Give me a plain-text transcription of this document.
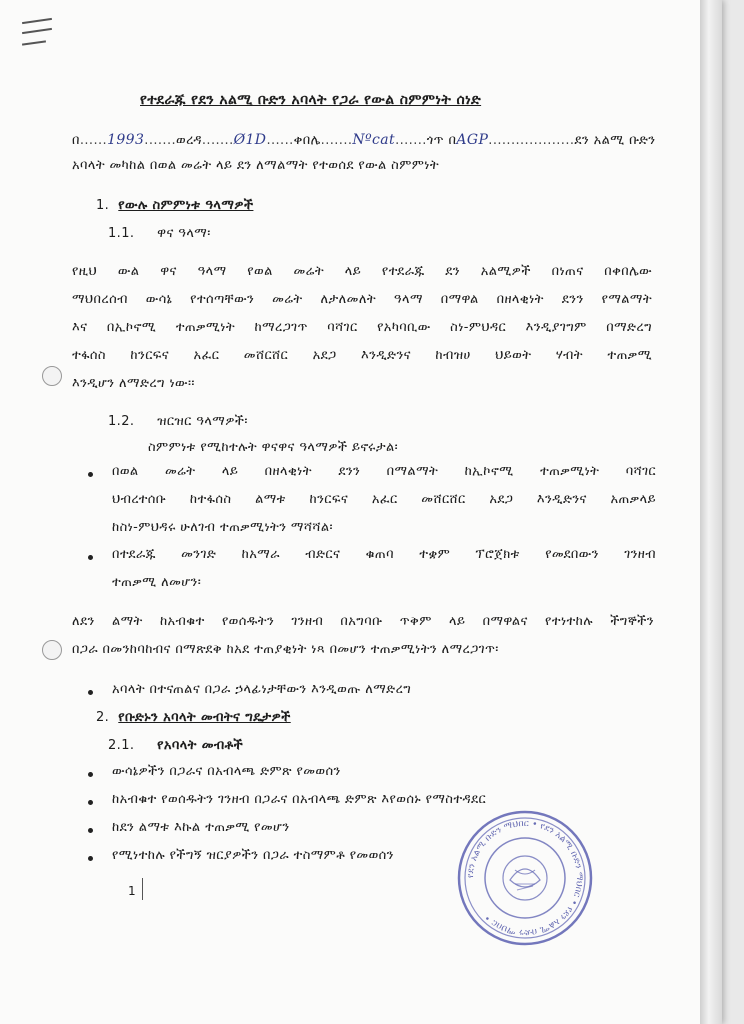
የተደራጁ የደን አልሚ ቡድን አባላት የጋራ የውል ስምምነት ሰነድ
በ......1993.......ወረዳ.......Ø1D......ቀበሌ.......Nºcat.......ጎጥ በAGP...................ደን አልሚ ቡድን
አባላት መካከል በወል መሬት ላይ ደን ለማልማት የተወሰደ የውል ስምምነት
1. የውሉ ስምምነቱ ዓላማዎች
1.1. ዋና ዓላማ፡
የዚህ ውል ዋና ዓላማ የወል መሬት ላይ የተደራጁ ደን አልሚዎች በነጠና በቀበሌው
ማህበረሰብ ውሳኔ የተሰጣቸውን መሬት ለታለመለት ዓላማ በማዋል በዘላቂነት ደንን የማልማት
እና በኢኮኖሚ ተጠቃሚነት ከማረጋገጥ ባሻገር የአካባቢው ስነ-ምህዳር እንዲያገግም በማድረግ
ተፋሰስ ከንርፍና አፈር መሸርሸር አደጋ እንዲድንና ከብዝሀ ህይወት ሃብት ተጠቃሚ
እንዲሆን ለማድረግ ነው፡፡
1.2. ዝርዝር ዓላማዎች፡
ስምምነቱ የሚከተሉት ዋናዋና ዓላማዎች ይኖሩታል፡
በወል መሬት ላይ በዘላቂነት ደንን በማልማት ከኢኮኖሚ ተጠቃሚነት ባሻገር
ህብረተሰቡ ከተፋሰስ ልማቱ ከንርፍና አፈር መሸርሸር አደጋ እንዲድንና አጠቃላይ
ከስነ-ምህዳሩ ሁለገብ ተጠቃሚነትን ማሻሻል፡
በተደራጁ መንገድ ከአማራ ብድርና ቁጠባ ተቋም ፕሮጀክቱ የመደበውን ገንዘብ
ተጠቃሚ ለመሆን፡
ለደን ልማት ከአብቁተ የወሰዱትን ገንዘብ በአግባቡ ጥቅም ላይ በማዋልና የተነተከሉ ችግኞችን
በጋራ በመንከባከብና በማጽደቅ ከአደ ተጠያቂነት ነጻ በመሆን ተጠቃሚነትን ለማረጋገጥ፡
አባላት በተናጠልና በጋራ ኃላፊነታቸውን እንዲወጡ ለማድረግ
2. የቡድኑን አባላት መብትና ግዴታዎች
2.1. የአባላት መብቶች
ውሳኔዎችን በጋራና በአብላጫ ድምጽ የመወሰን
ከአብቁተ የወሰዱትን ገንዘብ በጋራና በአብላጫ ድምጽ እየወሰኑ የማስተዳደር
ከደን ልማቱ እኩል ተጠቃሚ የመሆን
የሚነተከሉ የችግኝ ዝርያዎችን በጋራ ተስማምቶ የመወሰን
1
የደን አልሚ ቡድን ማህበር • የደን አልሚ ቡድን ማህበር • የደን አልሚ ቡድን ማህበር •
